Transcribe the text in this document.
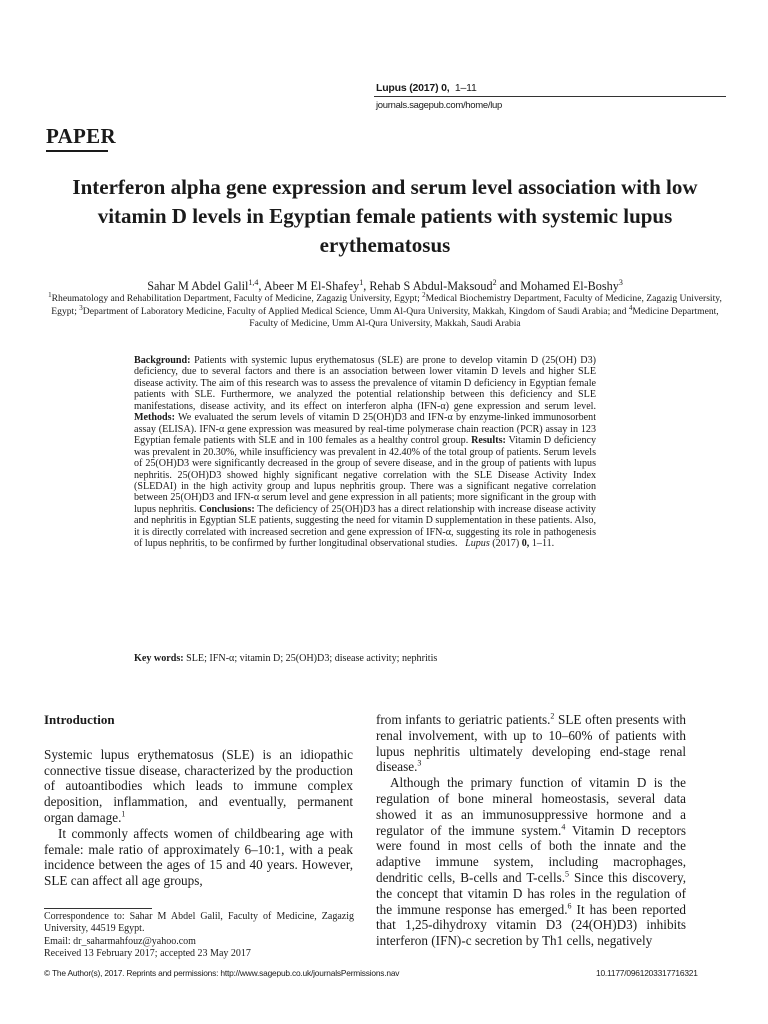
Lupus (2017) 0, 1–11
journals.sagepub.com/home/lup
PAPER
Interferon alpha gene expression and serum level association with low vitamin D levels in Egyptian female patients with systemic lupus erythematosus
Sahar M Abdel Galil$^{1,4}$, Abeer M El-Shafey$^1$, Rehab S Abdul-Maksoud$^2$ and Mohamed El-Boshy$^3$
$^1$Rheumatology and Rehabilitation Department, Faculty of Medicine, Zagazig University, Egypt; $^2$Medical Biochemistry Department, Faculty of Medicine, Zagazig University, Egypt; $^3$Department of Laboratory Medicine, Faculty of Applied Medical Science, Umm Al-Qura University, Makkah, Kingdom of Saudi Arabia; and $^4$Medicine Department, Faculty of Medicine, Umm Al-Qura University, Makkah, Saudi Arabia
Background: Patients with systemic lupus erythematosus (SLE) are prone to develop vitamin D (25(OH) D3) deficiency, due to several factors and there is an association between lower vitamin D levels and higher SLE disease activity. The aim of this research was to assess the prevalence of vitamin D deficiency in Egyptian female patients with SLE. Furthermore, we analyzed the potential relationship between this deficiency and SLE manifestations, disease activity, and its effect on interferon alpha (IFN-α) gene expression and serum level. Methods: We evaluated the serum levels of vitamin D 25(OH)D3 and IFN-α by enzyme-linked immunosorbent assay (ELISA). IFN-α gene expression was measured by real-time polymerase chain reaction (PCR) assay in 123 Egyptian female patients with SLE and in 100 females as a healthy control group. Results: Vitamin D deficiency was prevalent in 20.30%, while insufficiency was prevalent in 42.40% of the total group of patients. Serum levels of 25(OH)D3 were significantly decreased in the group of severe disease, and in the group of patients with lupus nephritis. 25(OH)D3 showed highly significant negative correlation with the SLE Disease Activity Index (SLEDAI) in the high activity group and lupus nephritis group. There was a significant negative correlation between 25(OH)D3 and IFN-α serum level and gene expression in all patients; more significant in the group with lupus nephritis. Conclusions: The deficiency of 25(OH)D3 has a direct relationship with increase disease activity and nephritis in Egyptian SLE patients, suggesting the need for vitamin D supplementation in these patients. Also, it is directly correlated with increased secretion and gene expression of IFN-α, suggesting its role in pathogenesis of lupus nephritis, to be confirmed by further longitudinal observational studies. Lupus (2017) 0, 1–11.
Key words: SLE; IFN-α; vitamin D; 25(OH)D3; disease activity; nephritis
Introduction

Systemic lupus erythematosus (SLE) is an idiopathic connective tissue disease, characterized by the production of autoantibodies which leads to immune complex deposition, inflammation, and eventually, permanent organ damage.$^1$

It commonly affects women of childbearing age with female: male ratio of approximately 6–10:1, with a peak incidence between the ages of 15 and 40 years. However, SLE can affect all age groups,

from infants to geriatric patients.$^2$ SLE often presents with renal involvement, with up to 10–60% of patients with lupus nephritis ultimately developing end-stage renal disease.$^3$

Although the primary function of vitamin D is the regulation of bone mineral homeostasis, several data showed it as an immunosuppressive hormone and a regulator of the immune system.$^4$ Vitamin D receptors were found in most cells of both the innate and the adaptive immune system, including macrophages, dendritic cells, B-cells and T-cells.$^5$ Since this discovery, the concept that vitamin D has roles in the regulation of the immune response has emerged.$^6$ It has been reported that 1,25-dihydroxy vitamin D3 (24(OH)D3) inhibits interferon (IFN)-c secretion by Th1 cells, negatively

Correspondence to: Sahar M Abdel Galil, Faculty of Medicine, Zagazig University, 44519 Egypt.
Email: dr_saharmahfouz@yahoo.com
Received 13 February 2017; accepted 23 May 2017
© The Author(s), 2017. Reprints and permissions: http://www.sagepub.co.uk/journalsPermissions.nav	10.1177/0961203317716321
